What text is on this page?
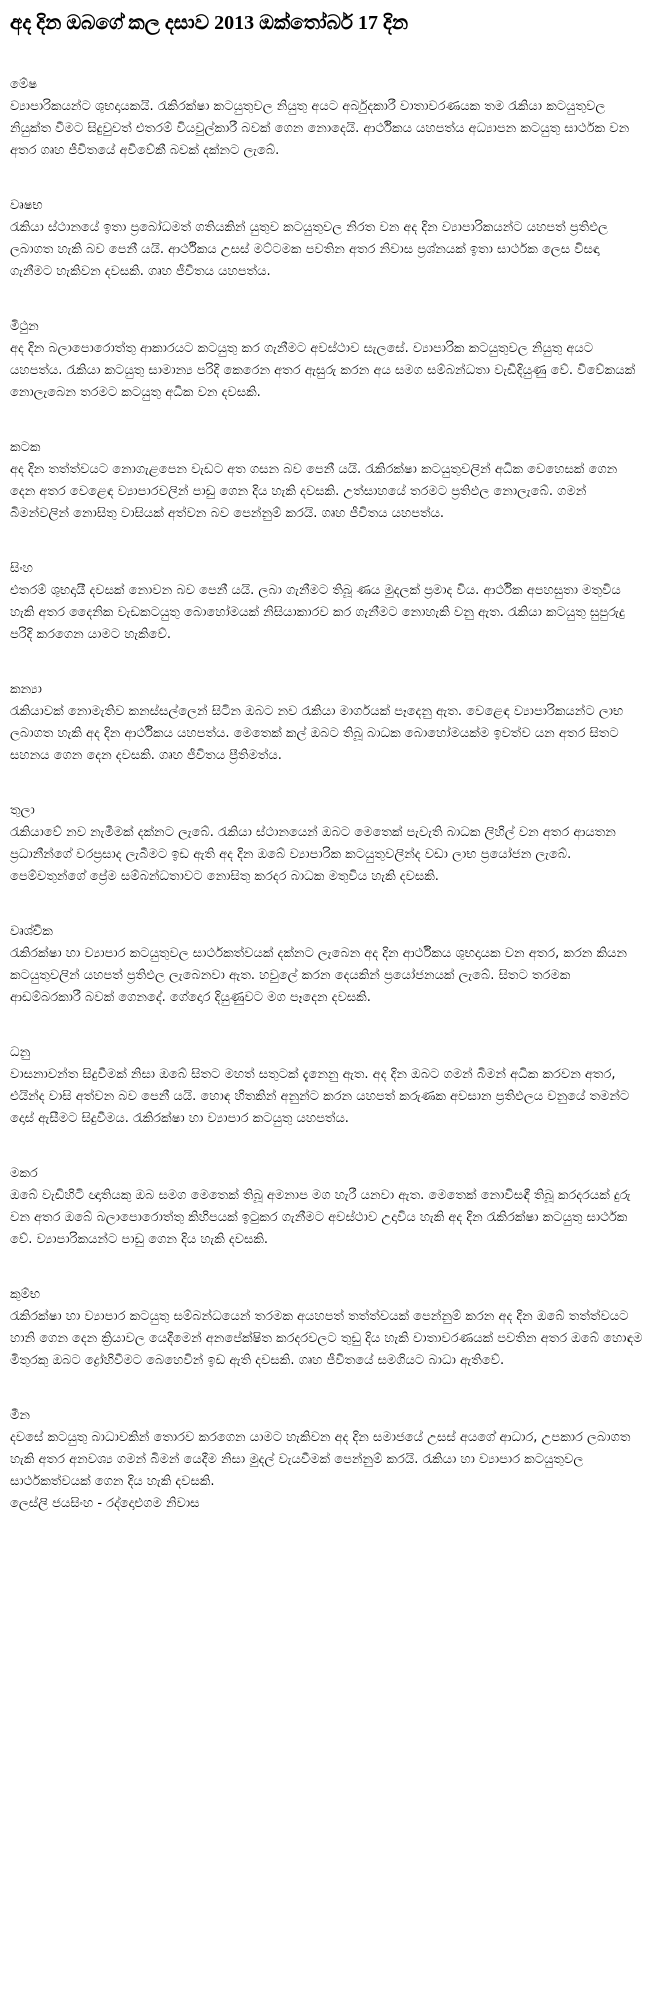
අද දින ඔබගේ කල දසාව 2013 ඔක්තෝබර් 17 දින
මේෂ

ව්‍යාපාරිකයන්ට ශුභදායකයි. රැකිරක්ෂා කටයුතුවල නියුතු අයට අර්බුදකාරී වාතාවරණයක තම රැකියා කටයුතුවල නියුක්ත වීමට සිදුවුවත් එතරම් වියවුල්කාරී බවක් ගෙන නොදෙයි. ආර්ථිකය යහපත්ය අධ්‍යාපන කටයුතු සාර්ථක වන අතර ගෘහ ජීවිතයේ අවිවේකී බවක් දක්නට ලැබේ.

වෘෂභ

රැකියා ස්ථානයේ ඉතා ප්‍රබෝධමත් ගතියකින් යුතුව කටයුතුවල නිරත වන අද දින ව්‍යාපාරිකයන්ට යහපත් ප්‍රතිඵල ලබාගත හැකි බව පෙනී යයි. ආර්ථිකය උසස් මට්ටමක පවතින අතර නිවාස ප්‍රශ්නයක් ඉතා සාර්ථක ලෙස විසඳා ගැනීමට හැකිවන දවසකි. ගෘහ ජීවිතය යහපත්ය.

මිථුන

අද දින බලාපොරොත්තු ආකාරයට කටයුතු කර ගැනීමට අවස්ථාව සැලසේ. ව්‍යාපාරික කටයුතුවල නියුතු අයට යහපත්ය. රැකියා කටයුතු සාමාන්‍ය පරිදි කෙරෙන අතර ඇසුරු කරන අය සමග සම්බන්ධතා වැඩිදියුණු වේ. විවේකයක් නොලැබෙන තරමට කටයුතු අධික වන දවසකි.

කටක

අද දින තත්ත්වයට නොගැළපෙන වැඩට අත ගසන බව පෙනී යයි. රැකිරක්ෂා කටයුතුවලින් අධික වෙහෙසක් ගෙන දෙන අතර වෙළෙඳ ව්‍යාපාරවලින් පාඩු ගෙන දිය හැකි දවසකි. උත්සාහයේ තරමට ප්‍රතිඵල නොලැබේ. ගමන් බිමන්වලින් නොසිතු වාසියක් අත්වන බව පෙන්නුම් කරයි. ගෘහ ජීවිතය යහපත්ය.

සිංහ

එතරම් ශුභදායී දවසක් නොවන බව පෙනී යයි. ලබා ගැනීමට තිබූ ණය මුදලක් ප්‍රමාද විය. ආර්ථික අපහසුතා මතුවිය හැකි අතර දෛනික වැඩකටයුතු බොහෝමයක් නිසියාකාරව කර ගැනීමට නොහැකි වනු ඇත. රැකියා කටයුතු සුපුරුදු පරිදි කරගෙන යාමට හැකිවේ.

කන්‍යා

රැකියාවක් නොමැතිව කනස්සල්ලෙන් සිටින ඔබට නව රැකියා මාර්ගයක් පෑදෙනු ඇත. වෙළෙඳ ව්‍යාපාරිකයන්ට ලාභ ලබාගත හැකි අද දින ආර්ථිකය යහපත්ය. මෙතෙක් කල් ඔබට තිබූ බාධක බොහෝමයක්ම ඉවත්ව යන අතර සිතට සහනය ගෙන දෙන දවසකි. ගෘහ ජීවිතය ප්‍රීතිමත්ය.

තුලා

රැකියාවේ නව නැමීමක් දක්නට ලැබේ. රැකියා ස්ථානයෙන් ඔබට මෙතෙක් පැවැති බාධක ලිහිල් වන අතර ආයතන ප්‍රධානීන්ගේ වරප්‍රසාද ලැබීමට ඉඩ ඇති අද දින ඔබේ ව්‍යාපාරික කටයුතුවලින්ද වඩා ලාභ ප්‍රයෝජන ලැබේ. පෙම්වතුන්ගේ ප්‍රේම සම්බන්ධතාවට නොසිතු කරදර බාධක මතුවිය හැකි දවසකි.

වෘශ්චික

රැකිරක්ෂා හා ව්‍යාපාර කටයුතුවල සාර්ථකත්වයක් දක්නට ලැබෙන අද දින ආර්ථිකය ශුභදායක වන අතර, කරන කියන කටයුතුවලින් යහපත් ප්‍රතිඵල ලැබෙනවා ඇත. හවුලේ කරන දෙයකින් ප්‍රයෝජනයක් ලැබේ. සිතට තරමක ආඩම්බරකාරී බවක් ගෙනදේ. ගේදොර දියුණුවට මග පෑදෙන දවසකි.

ධනු

වාසනාවන්ත සිදුවීමක් නිසා ඔබේ සිතට මහත් සතුටක් දැනෙනු ඇත. අද දින ඔබට ගමන් බිමන් අධික කරවන අතර, එයින්ද වාසි අත්වන බව පෙනී යයි. හොඳ හිතකින් අනුන්ට කරන යහපත් කරුණක අවසාන ප්‍රතිඵලය වනුයේ තමන්ට දොස් ඇසීමට සිදුවීමය. රැකිරක්ෂා හා ව්‍යාපාර කටයුතු යහපත්ය.

මකර

ඔබේ වැඩිහිටි ඥාතියකු ඔබ සමග මෙතෙක් තිබූ අමනාප මග හැරී යනවා ඇත. මෙතෙක් නොවිසඳී තිබූ කරදරයක් දුරු වන අතර ඔබේ බලාපොරොත්තු කිහිපයක් ඉටුකර ගැනීමට අවස්ථාව උදාවිය හැකි අද දින රැකිරක්ෂා කටයුතු සාර්ථක වේ. ව්‍යාපාරිකයන්ට පාඩු ගෙන දිය හැකි දවසකි.

කුම්භ

රැකිරක්ෂා හා ව්‍යාපාර කටයුතු සම්බන්ධයෙන් තරමක අයහපත් තත්ත්වයක් පෙන්නුම් කරන අද දින ඔබේ තත්ත්වයට හානි ගෙන දෙන ක්‍රියාවල යෙදීමෙන් අනපේක්ෂිත කරදරවලට තුඩු දිය හැකි වාතාවරණයක් පවතින අතර ඔබේ හොඳම මිතුරකු ඔබට ද්‍රෝහිවීමට බෙහෙවින් ඉඩ ඇති දවසකි. ගෘහ ජීවිතයේ සමගියට බාධා ඇතිවේ.

මීන

දවසේ කටයුතු බාධාවකින් තොරව කරගෙන යාමට හැකිවන අද දින සමාජයේ උසස් අයගේ ආධාර, උපකාර ලබාගත හැකි අතර අනවශ්‍ය ගමන් බිමන් යෙදීම නිසා මුදල් වැයවීමක් පෙන්නුම් කරයි. රැකියා හා ව්‍යාපාර කටයුතුවල සාර්ථකත්වයක් ගෙන දිය හැකි දවසකි.

ලෙස්ලි ජයසිංහ - රද්දොළුගම නිවාස
